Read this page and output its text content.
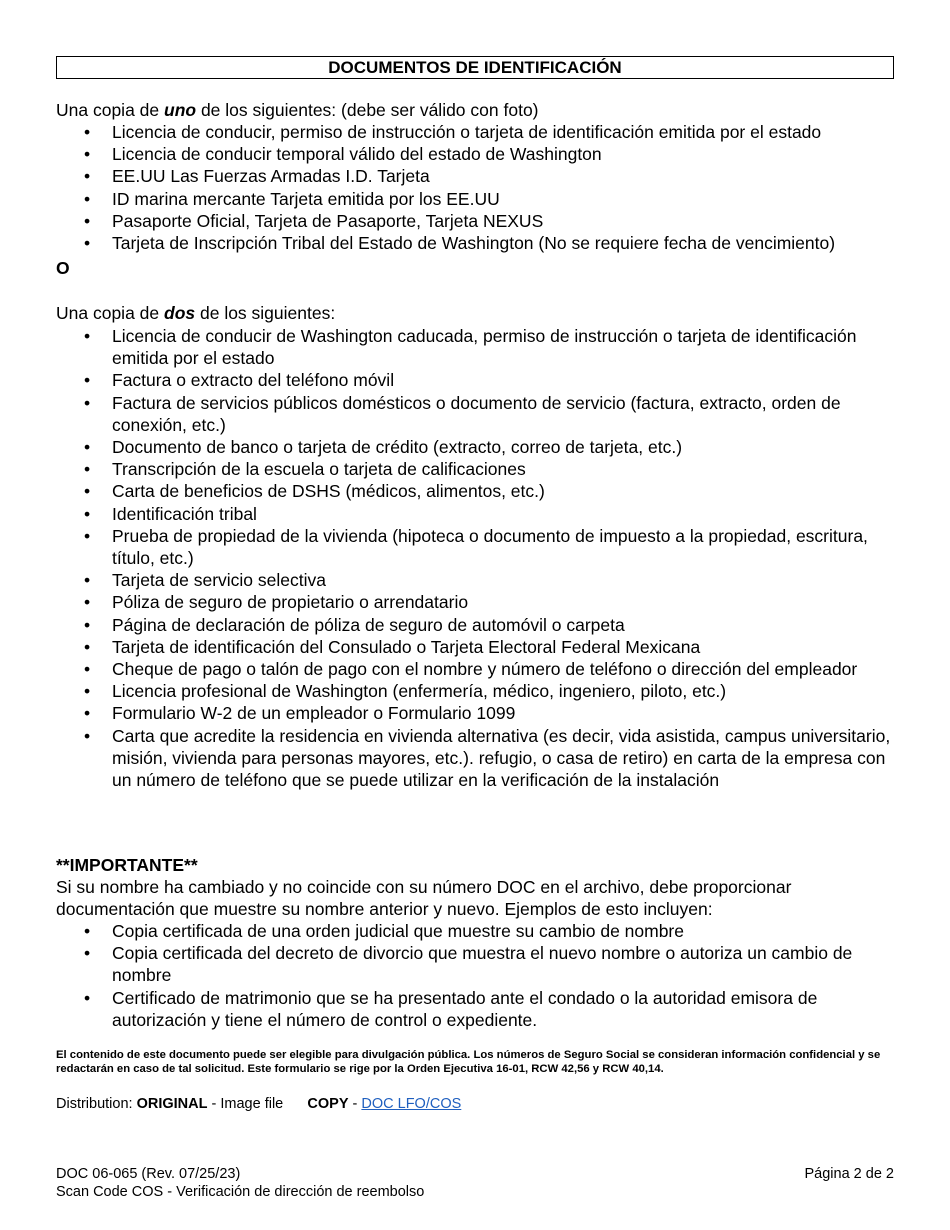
DOCUMENTOS DE IDENTIFICACIÓN

Una copia de uno de los siguientes: (debe ser válido con foto)

• Licencia de conducir, permiso de instrucción o tarjeta de identificación emitida por el estado
• Licencia de conducir temporal válido del estado de Washington
• EE.UU Las Fuerzas Armadas I.D. Tarjeta
• ID marina mercante Tarjeta emitida por los EE.UU
• Pasaporte Oficial, Tarjeta de Pasaporte, Tarjeta NEXUS
• Tarjeta de Inscripción Tribal del Estado de Washington (No se requiere fecha de vencimiento)
O

Una copia de dos de los siguientes:

• Licencia de conducir de Washington caducada, permiso de instrucción o tarjeta de identificación emitida por el estado
• Factura o extracto del teléfono móvil
• Factura de servicios públicos domésticos o documento de servicio (factura, extracto, orden de conexión, etc.)
• Documento de banco o tarjeta de crédito (extracto, correo de tarjeta, etc.)
• Transcripción de la escuela o tarjeta de calificaciones
• Carta de beneficios de DSHS (médicos, alimentos, etc.)
• Identificación tribal
• Prueba de propiedad de la vivienda (hipoteca o documento de impuesto a la propiedad, escritura, título, etc.)
• Tarjeta de servicio selectiva
• Póliza de seguro de propietario o arrendatario
• Página de declaración de póliza de seguro de automóvil o carpeta
• Tarjeta de identificación del Consulado o Tarjeta Electoral Federal Mexicana
• Cheque de pago o talón de pago con el nombre y número de teléfono o dirección del empleador
• Licencia profesional de Washington (enfermería, médico, ingeniero, piloto, etc.)
• Formulario W-2 de un empleador o Formulario 1099
• Carta que acredite la residencia en vivienda alternativa (es decir, vida asistida, campus universitario, misión, vivienda para personas mayores, etc.). refugio, o casa de retiro) en carta de la empresa con un número de teléfono que se puede utilizar en la verificación de la instalación
**IMPORTANTE**
Si su nombre ha cambiado y no coincide con su número DOC en el archivo, debe proporcionar documentación que muestre su nombre anterior y nuevo. Ejemplos de esto incluyen:
• Copia certificada de una orden judicial que muestre su cambio de nombre
• Copia certificada del decreto de divorcio que muestra el nuevo nombre o autoriza un cambio de nombre
• Certificado de matrimonio que se ha presentado ante el condado o la autoridad emisora de autorización y tiene el número de control o expediente.
El contenido de este documento puede ser elegible para divulgación pública. Los números de Seguro Social se consideran información confidencial y se redactarán en caso de tal solicitud. Este formulario se rige por la Orden Ejecutiva 16-01, RCW 42,56 y RCW 40,14.
Distribution: ORIGINAL - Image file COPY - DOC LFO/COS
DOC 06-065 (Rev. 07/25/23)
Scan Code COS - Verificación de dirección de reembolso
Página 2 de 2
